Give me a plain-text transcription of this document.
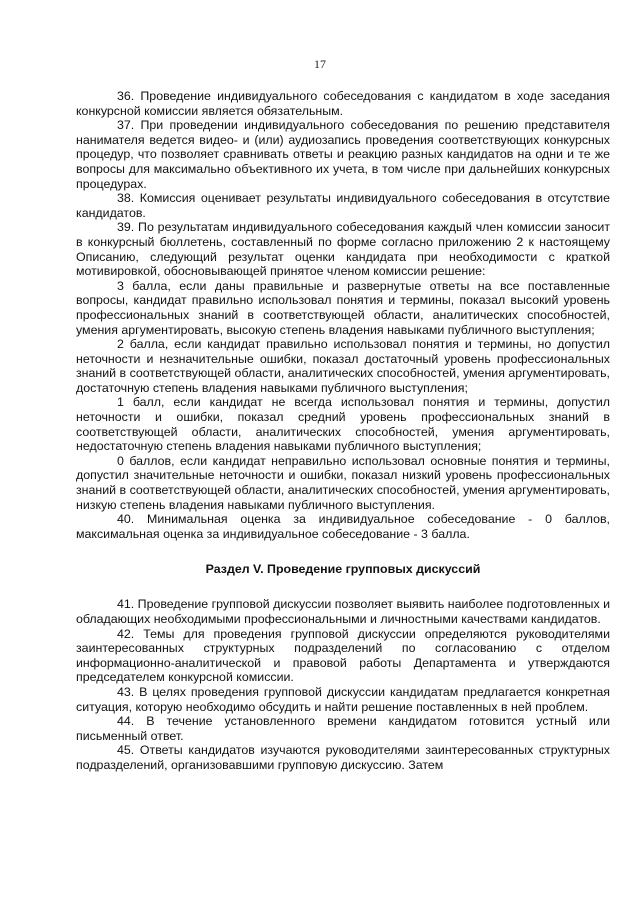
17

36. Проведение индивидуального собеседования с кандидатом в ходе заседания конкурсной комиссии является обязательным.

37. При проведении индивидуального собеседования по решению представителя нанимателя ведется видео- и (или) аудиозапись проведения соответствующих конкурсных процедур, что позволяет сравнивать ответы и реакцию разных кандидатов на одни и те же вопросы для максимально объективного их учета, в том числе при дальнейших конкурсных процедурах.

38. Комиссия оценивает результаты индивидуального собеседования в отсутствие кандидатов.

39. По результатам индивидуального собеседования каждый член комиссии заносит в конкурсный бюллетень, составленный по форме согласно приложению 2 к настоящему Описанию, следующий результат оценки кандидата при необходимости с краткой мотивировкой, обосновывающей принятое членом комиссии решение:

3 балла, если даны правильные и развернутые ответы на все поставленные вопросы, кандидат правильно использовал понятия и термины, показал высокий уровень профессиональных знаний в соответствующей области, аналитических способностей, умения аргументировать, высокую степень владения навыками публичного выступления;

2 балла, если кандидат правильно использовал понятия и термины, но допустил неточности и незначительные ошибки, показал достаточный уровень профессиональных знаний в соответствующей области, аналитических способностей, умения аргументировать, достаточную степень владения навыками публичного выступления;

1 балл, если кандидат не всегда использовал понятия и термины, допустил неточности и ошибки, показал средний уровень профессиональных знаний в соответствующей области, аналитических способностей, умения аргументировать, недостаточную степень владения навыками публичного выступления;

0 баллов, если кандидат неправильно использовал основные понятия и термины, допустил значительные неточности и ошибки, показал низкий уровень профессиональных знаний в соответствующей области, аналитических способностей, умения аргументировать, низкую степень владения навыками публичного выступления.

40. Минимальная оценка за индивидуальное собеседование - 0 баллов, максимальная оценка за индивидуальное собеседование - 3 балла.

Раздел V. Проведение групповых дискуссий

41. Проведение групповой дискуссии позволяет выявить наиболее подготовленных и обладающих необходимыми профессиональными и личностными качествами кандидатов.

42. Темы для проведения групповой дискуссии определяются руководителями заинтересованных структурных подразделений по согласованию с отделом информационно-аналитической и правовой работы Департамента и утверждаются председателем конкурсной комиссии.

43. В целях проведения групповой дискуссии кандидатам предлагается конкретная ситуация, которую необходимо обсудить и найти решение поставленных в ней проблем.

44. В течение установленного времени кандидатом готовится устный или письменный ответ.

45. Ответы кандидатов изучаются руководителями заинтересованных структурных подразделений, организовавшими групповую дискуссию. Затем
